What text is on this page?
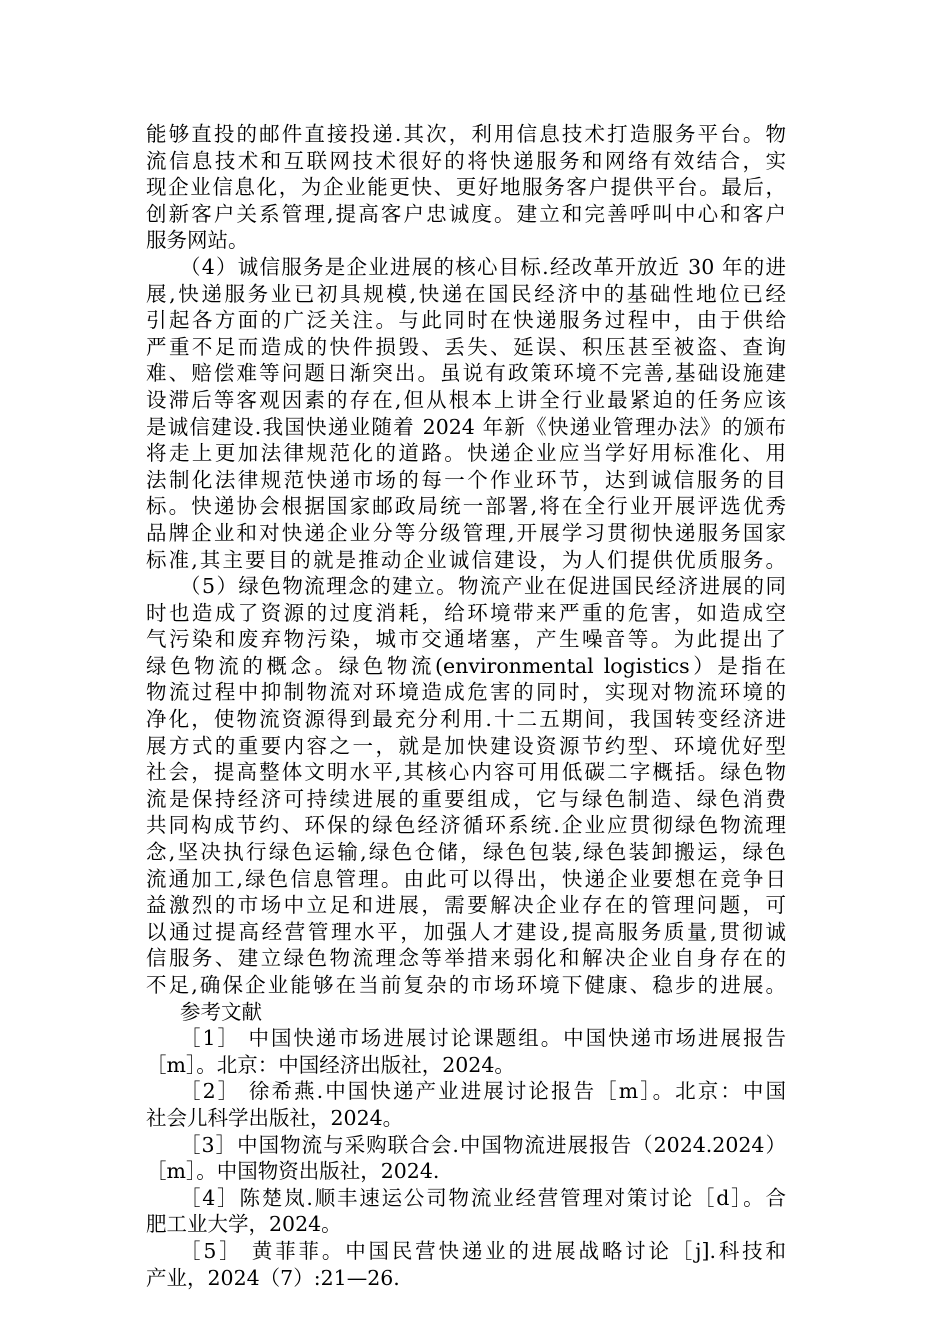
能够直投的邮件直接投递.其次，利用信息技术打造服务平台。物
流信息技术和互联网技术很好的将快递服务和网络有效结合，实
现企业信息化，为企业能更快、更好地服务客户提供平台。最后，
创新客户关系管理,提高客户忠诚度。建立和完善呼叫中心和客户
服务网站。
（4）诚信服务是企业进展的核心目标.经改革开放近 30 年的进
展,快递服务业已初具规模,快递在国民经济中的基础性地位已经
引起各方面的广泛关注。与此同时在快递服务过程中，由于供给
严重不足而造成的快件损毁、丢失、延误、积压甚至被盗、查询
难、赔偿难等问题日渐突出。虽说有政策环境不完善,基础设施建
设滞后等客观因素的存在,但从根本上讲全行业最紧迫的任务应该
是诚信建设.我国快递业随着 2024 年新《快递业管理办法》的颁布
将走上更加法律规范化的道路。快递企业应当学好用标准化、用
法制化法律规范快递市场的每一个作业环节，达到诚信服务的目
标。快递协会根据国家邮政局统一部署,将在全行业开展评选优秀
品牌企业和对快递企业分等分级管理,开展学习贯彻快递服务国家
标准,其主要目的就是推动企业诚信建设，为人们提供优质服务。
（5）绿色物流理念的建立。物流产业在促进国民经济进展的同
时也造成了资源的过度消耗，给环境带来严重的危害，如造成空
气污染和废弃物污染，城市交通堵塞，产生噪音等。为此提出了
绿色物流的概念。绿色物流(environmental logistics）是指在
物流过程中抑制物流对环境造成危害的同时，实现对物流环境的
净化，使物流资源得到最充分利用.十二五期间，我国转变经济进
展方式的重要内容之一，就是加快建设资源节约型、环境优好型
社会，提高整体文明水平,其核心内容可用低碳二字概括。绿色物
流是保持经济可持续进展的重要组成，它与绿色制造、绿色消费
共同构成节约、环保的绿色经济循环系统.企业应贯彻绿色物流理
念,坚决执行绿色运输,绿色仓储，绿色包装,绿色装卸搬运，绿色
流通加工,绿色信息管理。由此可以得出，快递企业要想在竞争日
益激烈的市场中立足和进展，需要解决企业存在的管理问题，可
以通过提高经营管理水平，加强人才建设,提高服务质量,贯彻诚
信服务、建立绿色物流理念等举措来弱化和解决企业自身存在的
不足,确保企业能够在当前复杂的市场环境下健康、稳步的进展。
参考文献
［1］ 中国快递市场进展讨论课题组。中国快递市场进展报告
［m］。北京：中国经济出版社，2024。
［2］ 徐希燕.中国快递产业进展讨论报告［m］。北京：中国
社会儿科学出版社，2024。
［3］中国物流与采购联合会.中国物流进展报告（2024.2024）
［m］。中国物资出版社，2024.
［4］陈楚岚.顺丰速运公司物流业经营管理对策讨论［d］。合
肥工业大学，2024。
［5］ 黄菲菲。中国民营快递业的进展战略讨论［j].科技和
产业，2024（7）:21—26.
